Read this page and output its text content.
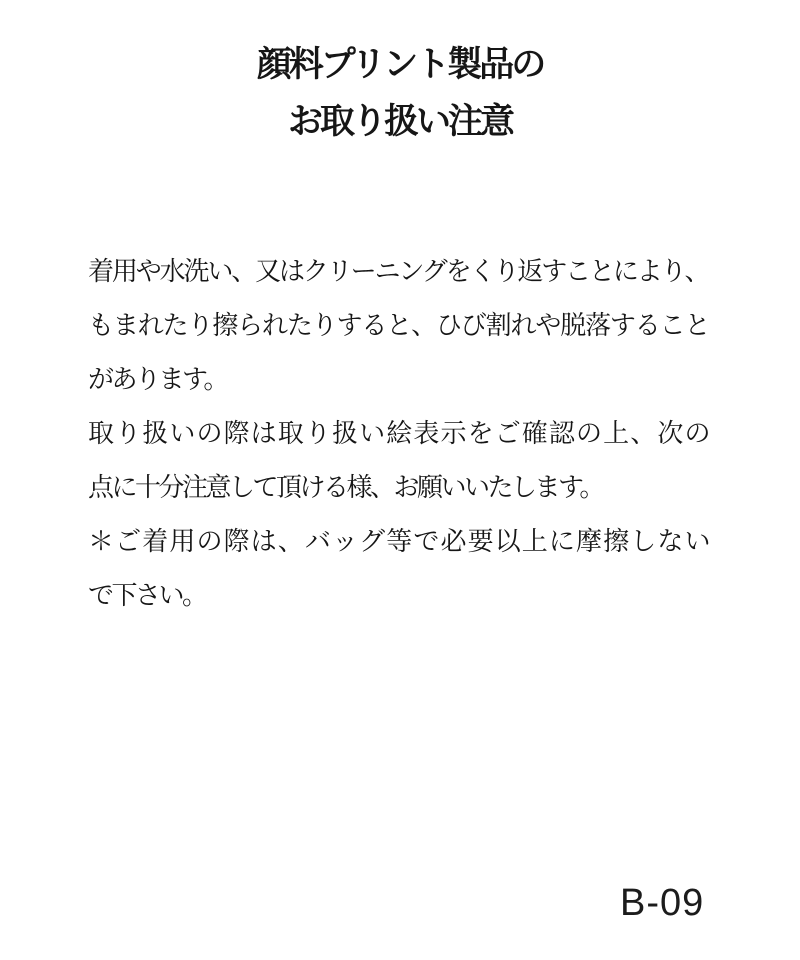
顔料プリント製品の
お取り扱い注意
着用や水洗い、又はクリーニングをくり返すことにより、
もまれたり擦られたりすると、ひび割れや脱落すること
があります。
取り扱いの際は取り扱い絵表示をご確認の上、次の
点に十分注意して頂ける様、お願いいたします。
＊ご着用の際は、バッグ等で必要以上に摩擦しない
で下さい。
B-09
